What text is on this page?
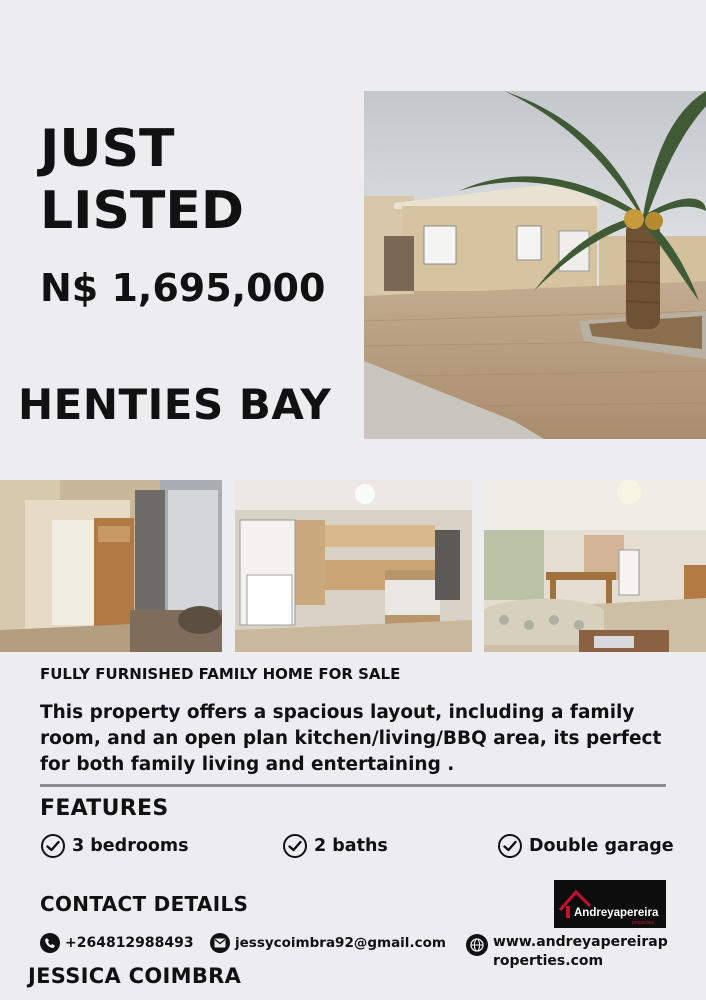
JUST
LISTED
N$ 1,695,000
HENTIES BAY
FULLY FURNISHED FAMILY HOME FOR SALE
This property offers a spacious layout, including a family room, and an open plan kitchen/living/BBQ area, its perfect for both family living and entertaining .
FEATURES
3 bedrooms	2 baths	Double garage
CONTACT DETAILS	Andreyapereira
properties
+264812988493	jessycoimbra92@gmail.com	www.andreyapereirap roperties.com
JESSICA COIMBRA
